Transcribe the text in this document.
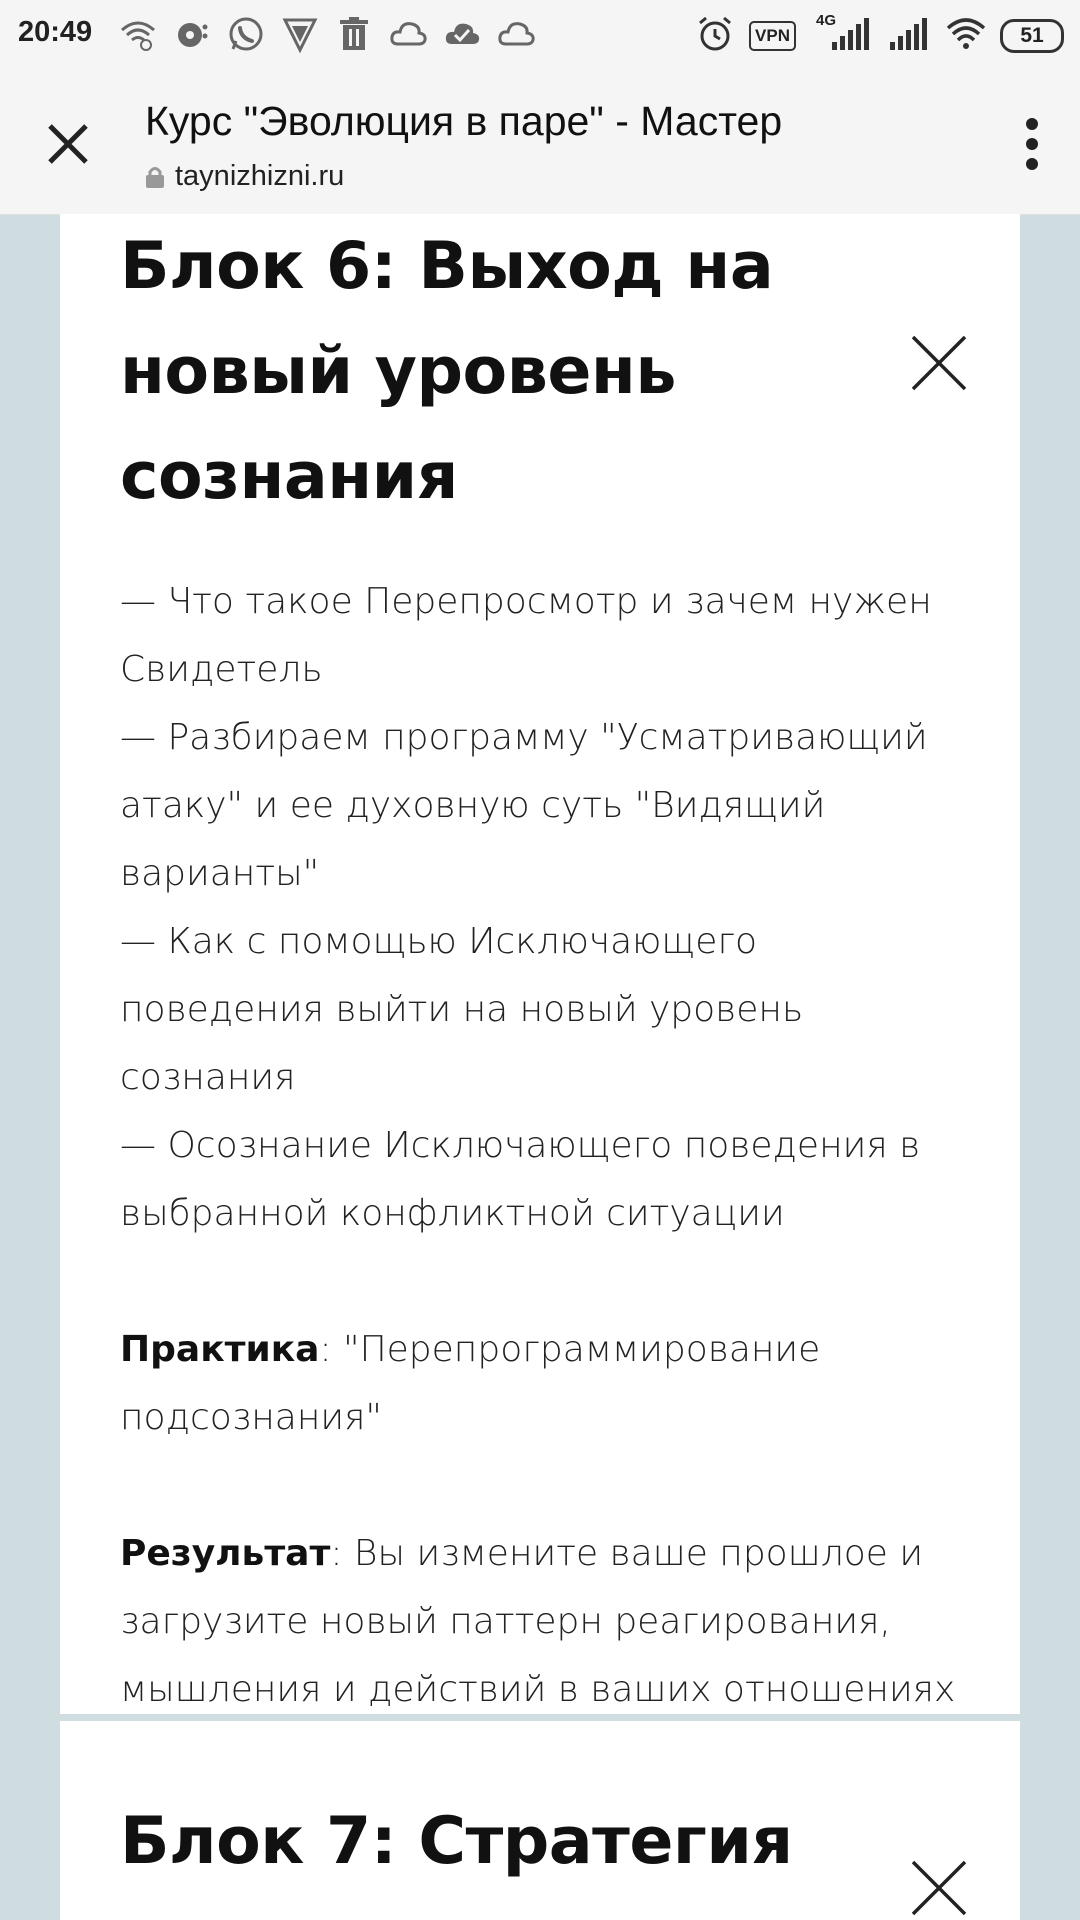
20:49	VPN
4G
51
Курс "Эволюция в паре" - Мастер
taynizhizni.ru
Блок 6: Выход на новый уровень сознания

— Что такое Перепросмотр и зачем нужен Свидетель

— Разбираем программу "Усматривающий атаку" и ее духовную суть "Видящий варианты"

— Как с помощью Исключающего поведения выйти на новый уровень сознания

— Осознание Исключающего поведения в выбранной конфликтной ситуации

Практика: "Перепрограммирование подсознания"

Результат: Вы измените ваше прошлое и загрузите новый паттерн реагирования, мышления и действий в ваших отношениях

Блок 7: Стратегия
